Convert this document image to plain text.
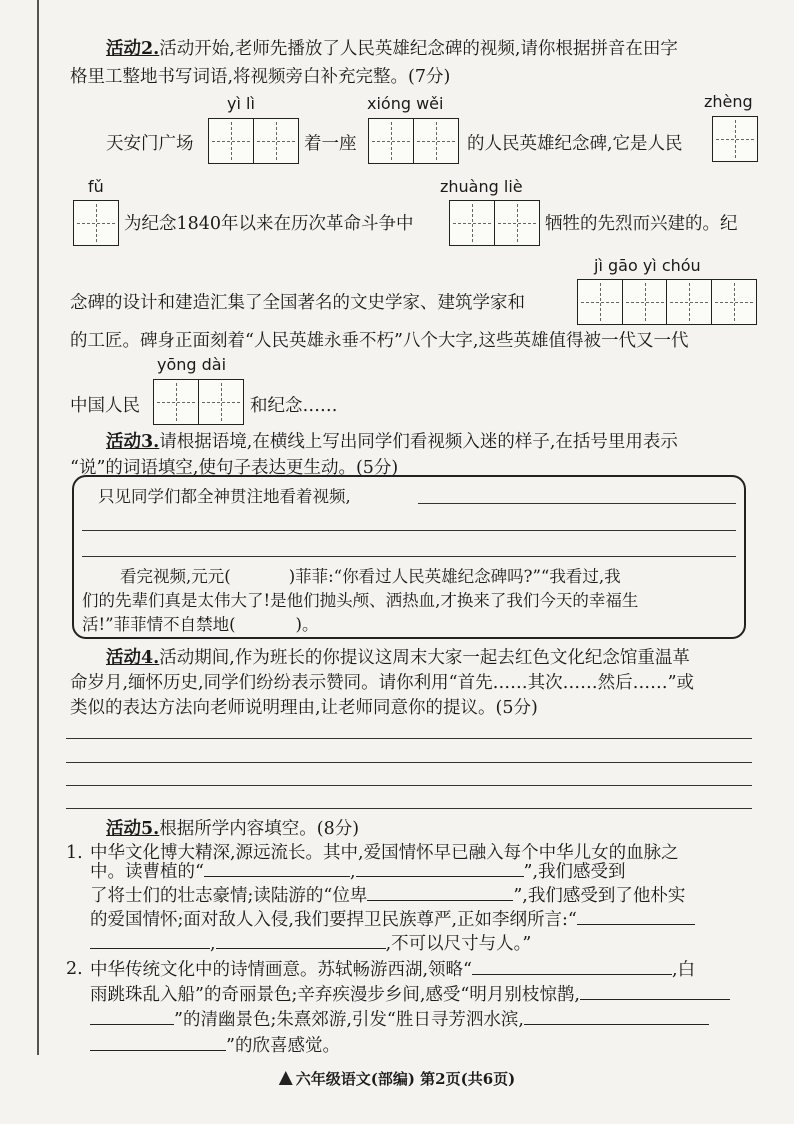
活动2.活动开始,老师先播放了人民英雄纪念碑的视频,请你根据拼音在田字
格里工整地书写词语,将视频旁白补充完整。(7分)
yì lì	xióng wěi	zhèng
天安门广场	着一座	的人民英雄纪念碑,它是人民
fǔ	zhuàng liè
为纪念1840年以来在历次革命斗争中	牺牲的先烈而兴建的。纪
jì gāo yì chóu
念碑的设计和建造汇集了全国著名的文史学家、建筑学家和
的工匠。碑身正面刻着“人民英雄永垂不朽”八个大字,这些英雄值得被一代又一代
yōng dài
中国人民	和纪念……
活动3.请根据语境,在横线上写出同学们看视频入迷的样子,在括号里用表示
“说”的词语填空,使句子表达更生动。(5分)
只见同学们都全神贯注地看着视频,
看完视频,元元(	)菲菲:“你看过人民英雄纪念碑吗?”“我看过,我
们的先辈们真是太伟大了!是他们抛头颅、洒热血,才换来了我们今天的幸福生
活!”菲菲情不自禁地(	)。
活动4.活动期间,作为班长的你提议这周末大家一起去红色文化纪念馆重温革
命岁月,缅怀历史,同学们纷纷表示赞同。请你利用“首先……其次……然后……”或
类似的表达方法向老师说明理由,让老师同意你的提议。(5分)
活动5.根据所学内容填空。(8分)
1. 中华文化博大精深,源远流长。其中,爱国情怀早已融入每个中华儿女的血脉之
中。读曹植的“	,	”,我们感受到
了将士们的壮志豪情;读陆游的“位卑	”,我们感受到了他朴实
的爱国情怀;面对敌人入侵,我们要捍卫民族尊严,正如李纲所言:“
,	,不可以尺寸与人。”
2. 中华传统文化中的诗情画意。苏轼畅游西湖,领略“	,白
雨跳珠乱入船”的奇丽景色;辛弃疾漫步乡间,感受“明月别枝惊鹊,
”的清幽景色;朱熹郊游,引发“胜日寻芳泗水滨,
”的欣喜感觉。
六年级语文(部编) 第2页(共6页)
